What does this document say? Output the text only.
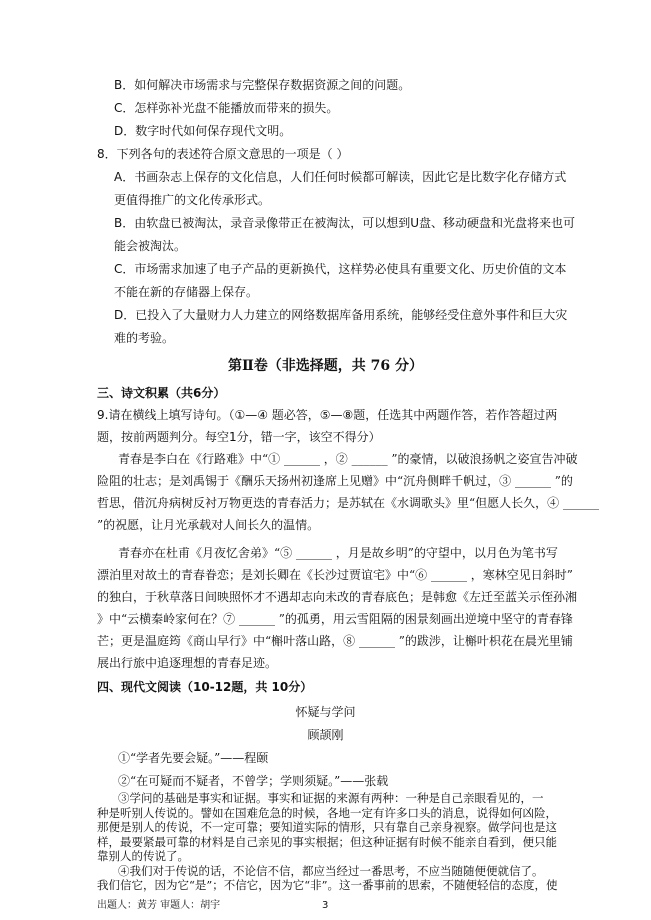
B．如何解决市场需求与完整保存数据资源之间的问题。
C．怎样弥补光盘不能播放而带来的损失。
D．数字时代如何保存现代文明。
8．下列各句的表述符合原文意思的一项是（ ）
A．书画杂志上保存的文化信息，人们任何时候都可解读，因此它是比数字化存储方式
更值得推广的文化传承形式。
B．由软盘已被淘汰，录音录像带正在被淘汰，可以想到U盘、移动硬盘和光盘将来也可
能会被淘汰。
C．市场需求加速了电子产品的更新换代，这样势必使具有重要文化、历史价值的文本
不能在新的存储器上保存。
D．已投入了大量财力人力建立的网络数据库备用系统，能够经受住意外事件和巨大灾
难的考验。
第Ⅱ卷（非选择题，共 76 分）
三、诗文积累（共6分）
9.请在横线上填写诗句。（①—④ 题必答，⑤—⑧题，任选其中两题作答，若作答超过两
题，按前两题判分。每空1分，错一字，该空不得分）
青春是李白在《行路难》中“① ______ ，② ______ ”的豪情，以破浪扬帆之姿宣告冲破
险阻的壮志；是刘禹锡于《酬乐天扬州初逢席上见赠》中“沉舟侧畔千帆过，③ ______ ”的
哲思，借沉舟病树反衬万物更迭的青春活力；是苏轼在《水调歌头》里“但愿人长久，④ ______
”的祝愿，让月光承载对人间长久的温情。
青春亦在杜甫《月夜忆舍弟》“⑤ ______ ，月是故乡明”的守望中，以月色为笔书写
漂泊里对故土的青春眷恋；是刘长卿在《长沙过贾谊宅》中“⑥ ______ ，寒林空见日斜时”
的独白，于秋草落日间映照怀才不遇却志向未改的青春底色；是韩愈《左迁至蓝关示侄孙湘
》中“云横秦岭家何在？⑦ ______ ”的孤勇，用云雪阻隔的困景刻画出逆境中坚守的青春锋
芒；更是温庭筠《商山早行》中“槲叶落山路，⑧ ______ ”的跋涉，让槲叶枳花在晨光里铺
展出行旅中追逐理想的青春足迹。
四、现代文阅读（10-12题，共 10分）
怀疑与学问
顾颉刚
①“学者先要会疑。”——程颐
②“在可疑而不疑者，不曾学；学则须疑。”——张载
③学问的基础是事实和证据。事实和证据的来源有两种：一种是自己亲眼看见的，一
种是听别人传说的。譬如在国难危急的时候，各地一定有许多口头的消息，说得如何凶险，
那便是别人的传说，不一定可靠；要知道实际的情形，只有靠自己亲身视察。做学问也是这
样，最要紧最可靠的材料是自己亲见的事实根据；但这种证据有时候不能亲自看到，便只能
靠别人的传说了。
④我们对于传说的话，不论信不信，都应当经过一番思考，不应当随随便便就信了。
我们信它，因为它“是”；不信它，因为它“非”。这一番事前的思索，不随便轻信的态度，使
出题人：黄芳 审题人：胡宇	3
